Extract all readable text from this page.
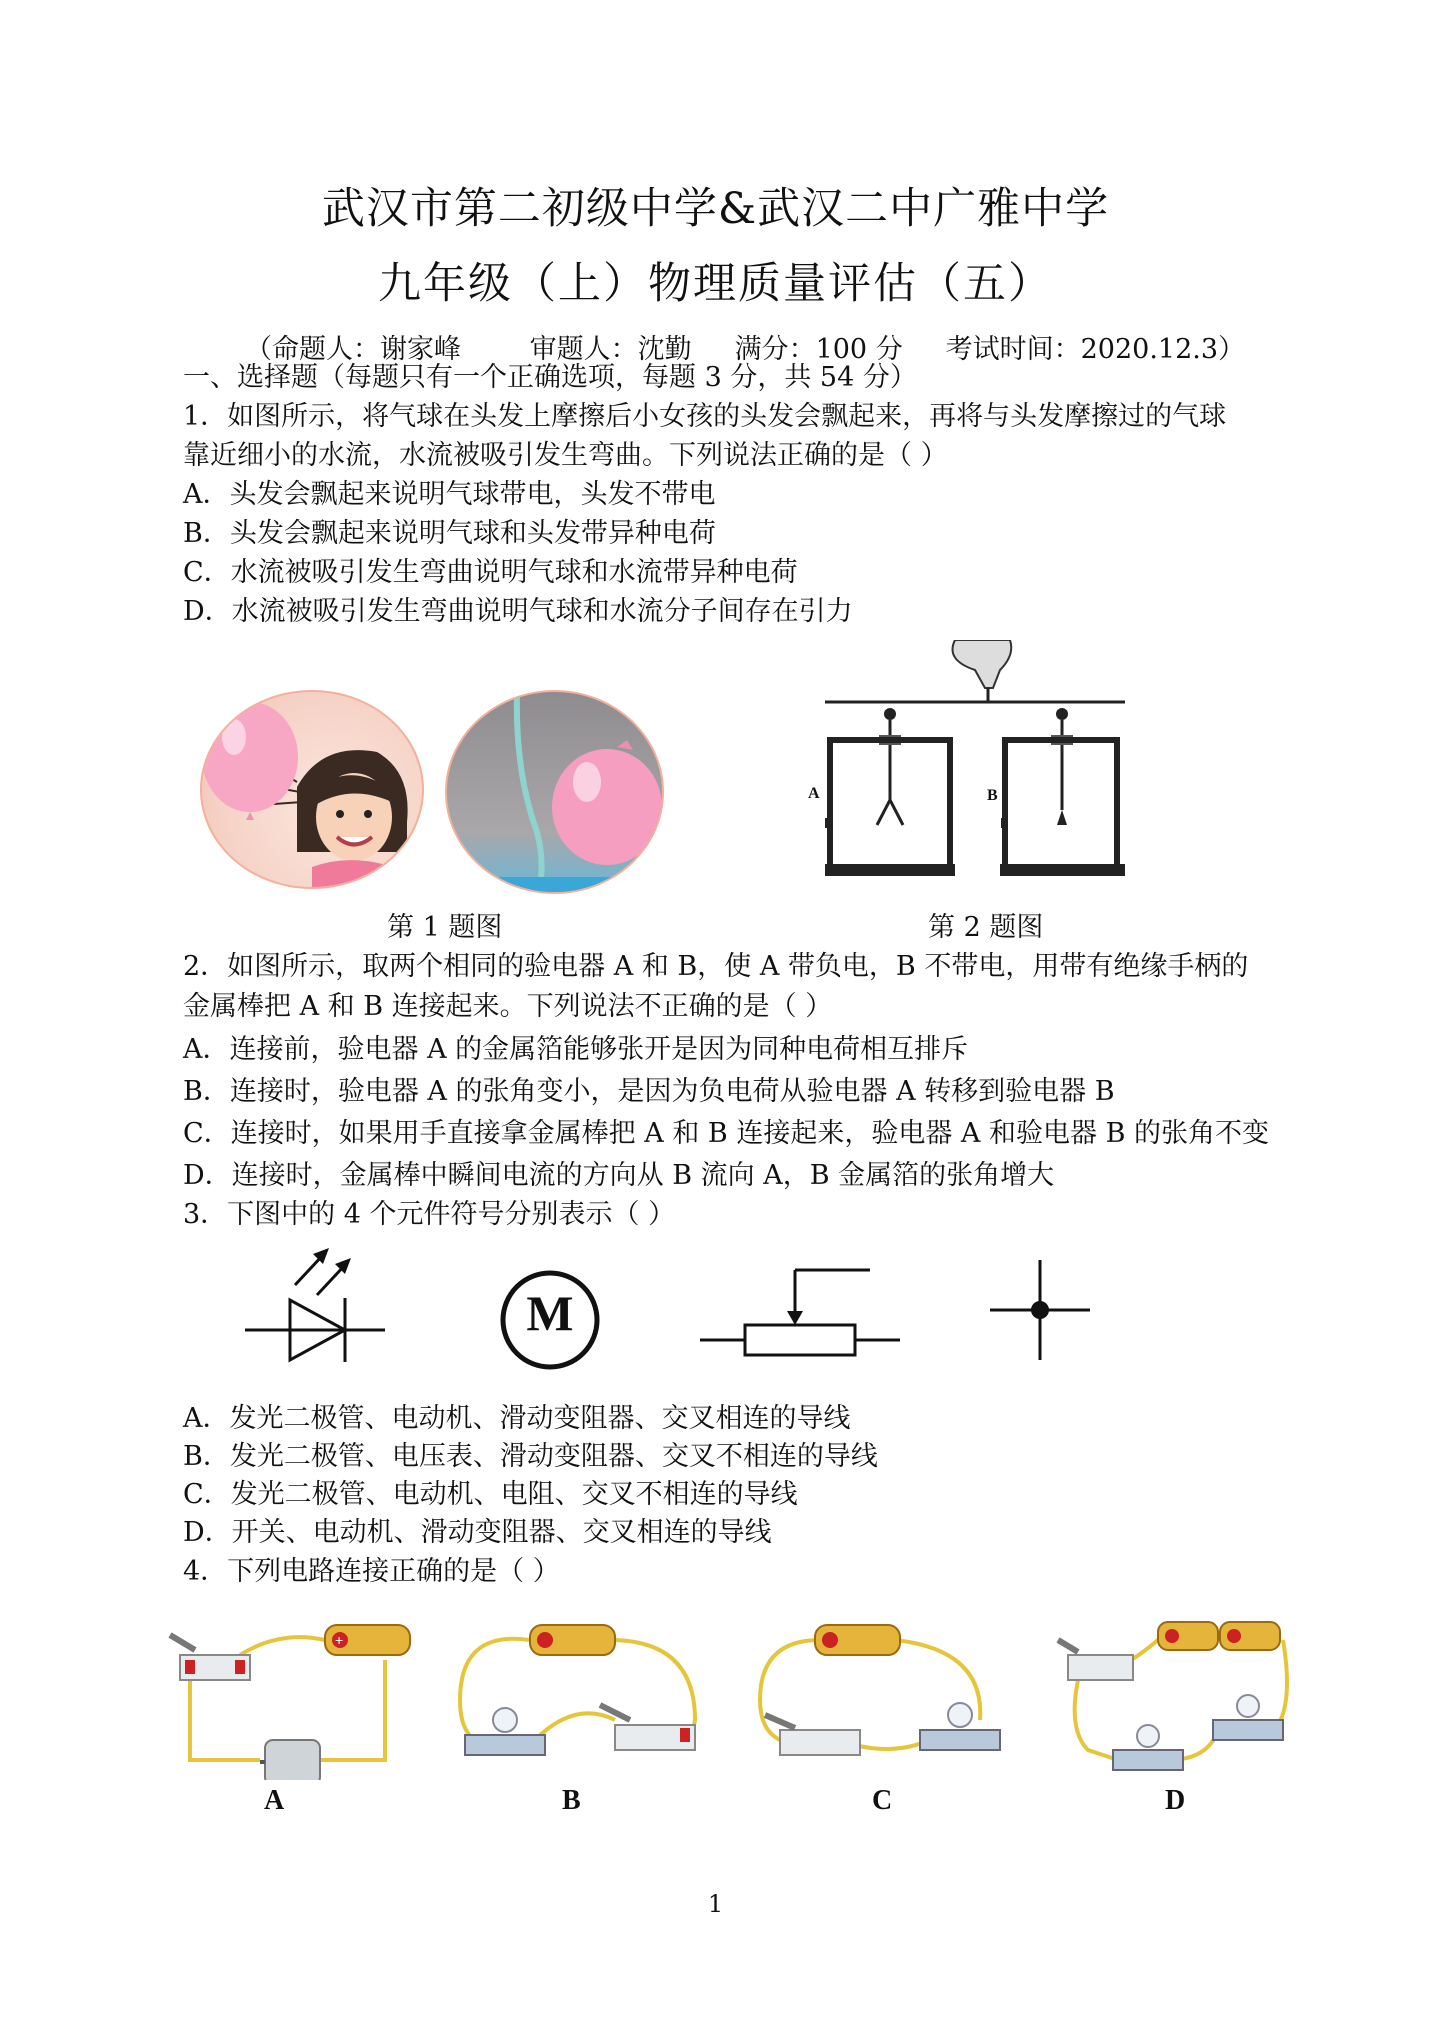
武汉市第二初级中学&武汉二中广雅中学
九年级（上）物理质量评估（五）
（命题人：谢家峰        审题人：沈勤     满分：100 分     考试时间：2020.12.3）
一、选择题（每题只有一个正确选项，每题 3 分，共 54 分）
1．如图所示，将气球在头发上摩擦后小女孩的头发会飘起来，再将与头发摩擦过的气球
靠近细小的水流，水流被吸引发生弯曲。下列说法正确的是（ ）
A．头发会飘起来说明气球带电，头发不带电
B．头发会飘起来说明气球和头发带异种电荷
C．水流被吸引发生弯曲说明气球和水流带异种电荷
D．水流被吸引发生弯曲说明气球和水流分子间存在引力
A	B
第 1 题图	第 2 题图
2．如图所示，取两个相同的验电器 A 和 B，使 A 带负电，B 不带电，用带有绝缘手柄的
金属棒把 A 和 B 连接起来。下列说法不正确的是（ ）
A．连接前，验电器 A 的金属箔能够张开是因为同种电荷相互排斥
B．连接时，验电器 A 的张角变小，是因为负电荷从验电器 A 转移到验电器 B
C．连接时，如果用手直接拿金属棒把 A 和 B 连接起来，验电器 A 和验电器 B 的张角不变
D．连接时，金属棒中瞬间电流的方向从 B 流向 A，B 金属箔的张角增大
3．下图中的 4 个元件符号分别表示（ ）
M
A．发光二极管、电动机、滑动变阻器、交叉相连的导线
B．发光二极管、电压表、滑动变阻器、交叉不相连的导线
C．发光二极管、电动机、电阻、交叉不相连的导线
D．开关、电动机、滑动变阻器、交叉相连的导线
4．下列电路连接正确的是（ ）
+
A	B	C	D
1
